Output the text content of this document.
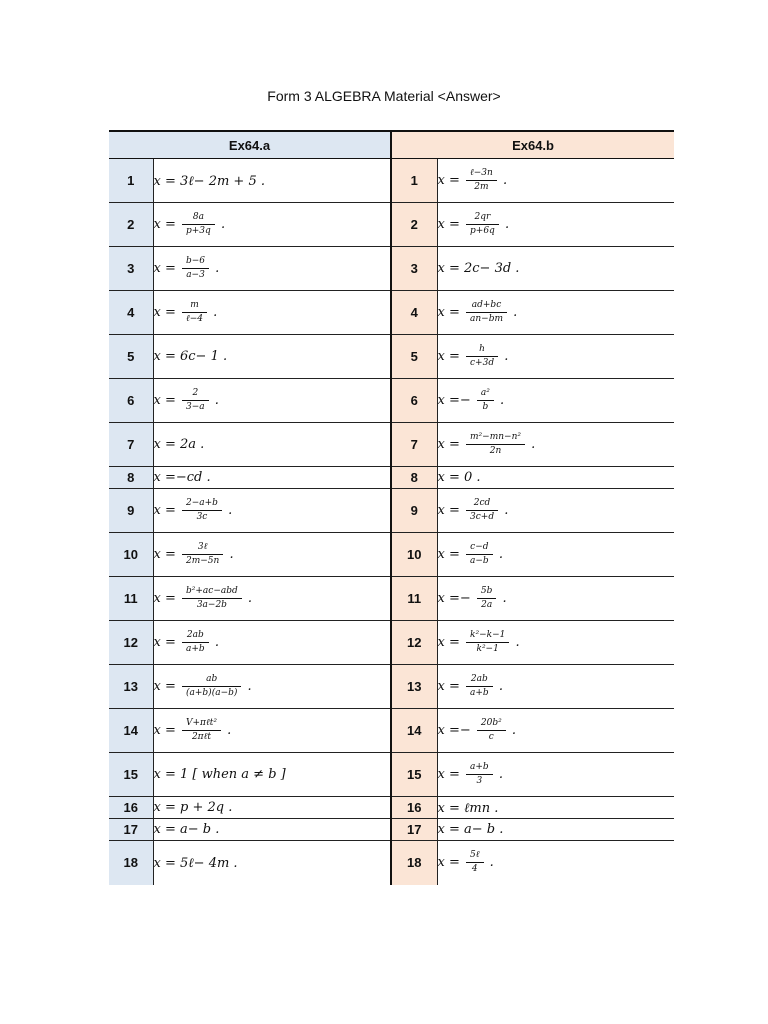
Form 3 ALGEBRA Material <Answer>
Ex64.a		Ex64.b	
1	x = 3ℓ− 2m + 5 .	1	$x = \frac{\text{ℓ−3n}}{2m}$ .
2	$x = \frac{8a}{p+3q}$ .	2	$x = \frac{2qr}{p+6q}$ .
3	$x = \frac{b-6}{a-3}$ .	3	x = 2c− 3d .
4	$x = \frac{m}{\text{ℓ−4}}$ .	4	$x = \frac{ad+bc}{an-bm}$ .
5	x = 6c− 1 .	5	$x = \frac{\text{ℎ}}{c+3d}$ .
6	$x = \frac{2}{3-a}$ .	6	$x =- \frac{\text{a²}}{b}$ .
7	x = 2a .	7	$x = \frac{\text{m²−mn−n²}}{2n}$ .
8	x =−cd .	8	x = 0 .
9	$x = \frac{2-a+b}{3c}$ .	9	$x = \frac{2cd}{3c+d}$ .
10	$x = \frac{\text{3ℓ}}{2m-5n}$ .	10	$x = \frac{c-d}{a-b}$ .
11	$x = \frac{\text{b²+ac−abd}}{3a-2b}$ .	11	$x =- \frac{5b}{2a}$ .
12	$x = \frac{2ab}{a+b}$ .	12	$x = \frac{\text{k²−k−1}}{\text{k²−1}}$ .
13	$x = \frac{ab}{(a+b)(a-b)}$ .	13	$x = \frac{2ab}{a+b}$ .
14	$x = \frac{\text{V+πℓt²}}{\text{2πℓt}}$ .	14	$x =- \frac{\text{20b²}}{c}$ .
15	x = 1 [ when a ≠ b ]	15	$x = \frac{a+b}{3}$ .
16	x = p + 2q .	16	x = ℓmn .
17	x = a− b .	17	x = a− b .
18	x = 5ℓ− 4m .	18	$x = \frac{\text{5ℓ}}{4}$ .
